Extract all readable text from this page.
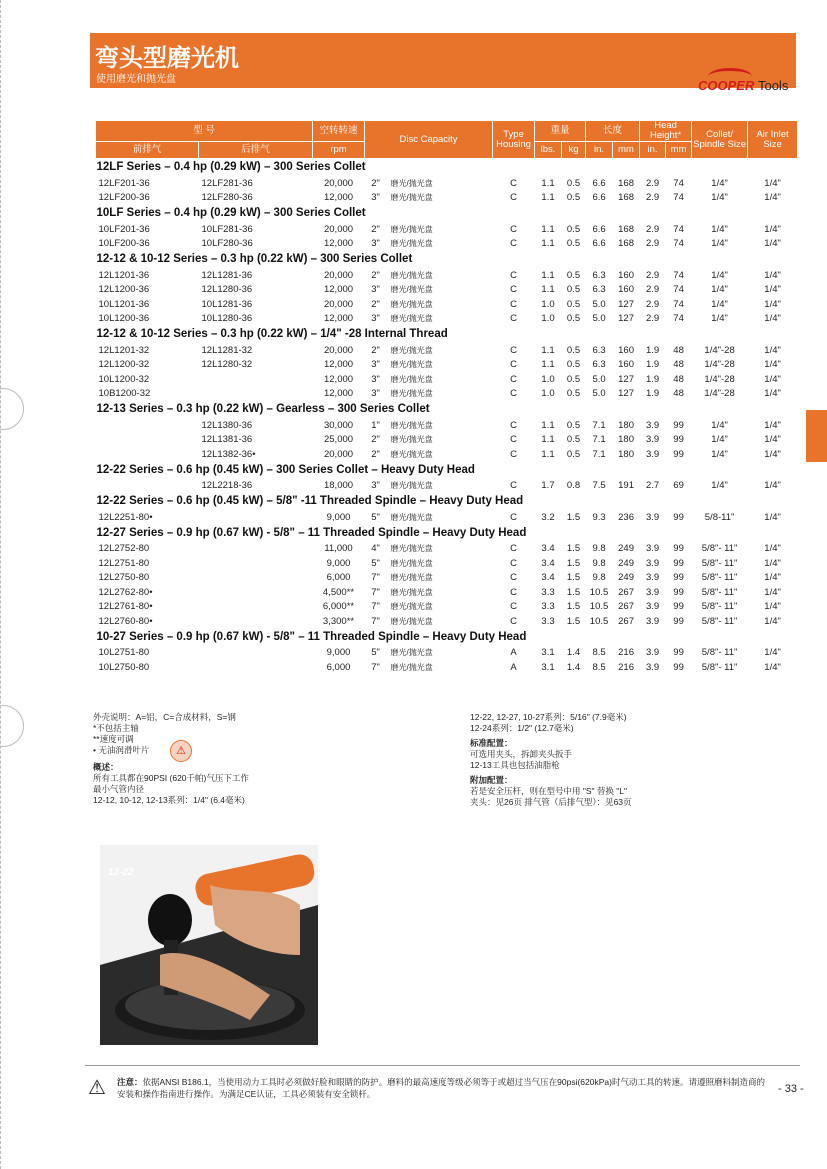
弯头型磨光机
使用磨光和抛光盘	COOPER Tools
型 号		空转转速	Disc Capacity		Type Housing	重量		长度		Head Height*		Collet/ Spindle Size	Air Inlet Size
前排气	后排气	rpm				lbs.	kg	in.	mm	in.	mm		
12LF Series – 0.4 hp (0.29 kW) – 300 Series Collet													
12LF201-36	12LF281-36	20,000	2"	磨光/抛光盘	C	1.1	0.5	6.6	168	2.9	74	1/4"	1/4"
12LF200-36	12LF280-36	12,000	3"	磨光/抛光盘	C	1.1	0.5	6.6	168	2.9	74	1/4"	1/4"
10LF Series – 0.4 hp (0.29 kW) – 300 Series Collet													
10LF201-36	10LF281-36	20,000	2"	磨光/抛光盘	C	1.1	0.5	6.6	168	2.9	74	1/4"	1/4"
10LF200-36	10LF280-36	12,000	3"	磨光/抛光盘	C	1.1	0.5	6.6	168	2.9	74	1/4"	1/4"
12-12 & 10-12 Series – 0.3 hp (0.22 kW) – 300 Series Collet													
12L1201-36	12L1281-36	20,000	2"	磨光/抛光盘	C	1.1	0.5	6.3	160	2.9	74	1/4"	1/4"
12L1200-36	12L1280-36	12,000	3"	磨光/抛光盘	C	1.1	0.5	6.3	160	2.9	74	1/4"	1/4"
10L1201-36	10L1281-36	20,000	2"	磨光/抛光盘	C	1.0	0.5	5.0	127	2.9	74	1/4"	1/4"
10L1200-36	10L1280-36	12,000	3"	磨光/抛光盘	C	1.0	0.5	5.0	127	2.9	74	1/4"	1/4"
12-12 & 10-12 Series – 0.3 hp (0.22 kW) – 1/4" -28 Internal Thread													
12L1201-32	12L1281-32	20,000	2"	磨光/抛光盘	C	1.1	0.5	6.3	160	1.9	48	1/4"-28	1/4"
12L1200-32	12L1280-32	12,000	3"	磨光/抛光盘	C	1.1	0.5	6.3	160	1.9	48	1/4"-28	1/4"
10L1200-32		12,000	3"	磨光/抛光盘	C	1.0	0.5	5.0	127	1.9	48	1/4"-28	1/4"
10B1200-32		12,000	3"	磨光/抛光盘	C	1.0	0.5	5.0	127	1.9	48	1/4"-28	1/4"
12-13 Series – 0.3 hp (0.22 kW) – Gearless – 300 Series Collet													
	12L1380-36	30,000	1"	磨光/抛光盘	C	1.1	0.5	7.1	180	3.9	99	1/4"	1/4"
	12L1381-36	25,000	2"	磨光/抛光盘	C	1.1	0.5	7.1	180	3.9	99	1/4"	1/4"
	12L1382-36•	20,000	2"	磨光/抛光盘	C	1.1	0.5	7.1	180	3.9	99	1/4"	1/4"
12-22 Series – 0.6 hp (0.45 kW) – 300 Series Collet – Heavy Duty Head													
	12L2218-36	18,000	3"	磨光/抛光盘	C	1.7	0.8	7.5	191	2.7	69	1/4"	1/4"
12-22 Series – 0.6 hp (0.45 kW) – 5/8" -11 Threaded Spindle – Heavy Duty Head													
12L2251-80•		9,000	5"	磨光/抛光盘	C	3.2	1.5	9.3	236	3.9	99	5/8-11"	1/4"
12-27 Series – 0.9 hp (0.67 kW) - 5/8" – 11 Threaded Spindle – Heavy Duty Head													
12L2752-80		11,000	4"	磨光/抛光盘	C	3.4	1.5	9.8	249	3.9	99	5/8"- 11"	1/4"
12L2751-80		9,000	5"	磨光/抛光盘	C	3.4	1.5	9.8	249	3.9	99	5/8"- 11"	1/4"
12L2750-80		6,000	7"	磨光/抛光盘	C	3.4	1.5	9.8	249	3.9	99	5/8"- 11"	1/4"
12L2762-80•		4,500**	7"	磨光/抛光盘	C	3.3	1.5	10.5	267	3.9	99	5/8"- 11"	1/4"
12L2761-80•		6,000**	7"	磨光/抛光盘	C	3.3	1.5	10.5	267	3.9	99	5/8"- 11"	1/4"
12L2760-80•		3,300**	7"	磨光/抛光盘	C	3.3	1.5	10.5	267	3.9	99	5/8"- 11"	1/4"
10-27 Series – 0.9 hp (0.67 kW) - 5/8" – 11 Threaded Spindle – Heavy Duty Head													
10L2751-80		9,000	5"	磨光/抛光盘	A	3.1	1.4	8.5	216	3.9	99	5/8"- 11"	1/4"
10L2750-80		6,000	7"	磨光/抛光盘	A	3.1	1.4	8.5	216	3.9	99	5/8"- 11"	1/4"

外壳说明：A=铝，C=合成材料，S=钢

*不包括主轴

**速度可调

• 无油润滑叶片

概述：

所有工具都在90PSI (620千帕)气压下工作

最小气管内径

12-12, 10-12, 12-13系列：1/4" (6.4毫米)

⚠

12-22, 12-27, 10-27系列：5/16" (7.9毫米)

12-24系列：1/2" (12.7毫米)

标准配置：

可选用夹头，拆卸夹头扳手

12-13工具也包括油脂枪

附加配置：

若是安全压杆，则在型号中用 "S" 替换 "L"

夹头：见26页 排气管（后排气型）：见63页

12-22
⚠ 注意：依据ANSI B186.1，当使用动力工具时必须做好脸和眼睛的防护。磨料的最高速度等级必须等于或超过当气压在90psi(620kPa)时气动工具的转速。请遵照磨料制造商的安装和操作指南进行操作。为满足CE认证，工具必须装有安全锁杆。	- 33 -
